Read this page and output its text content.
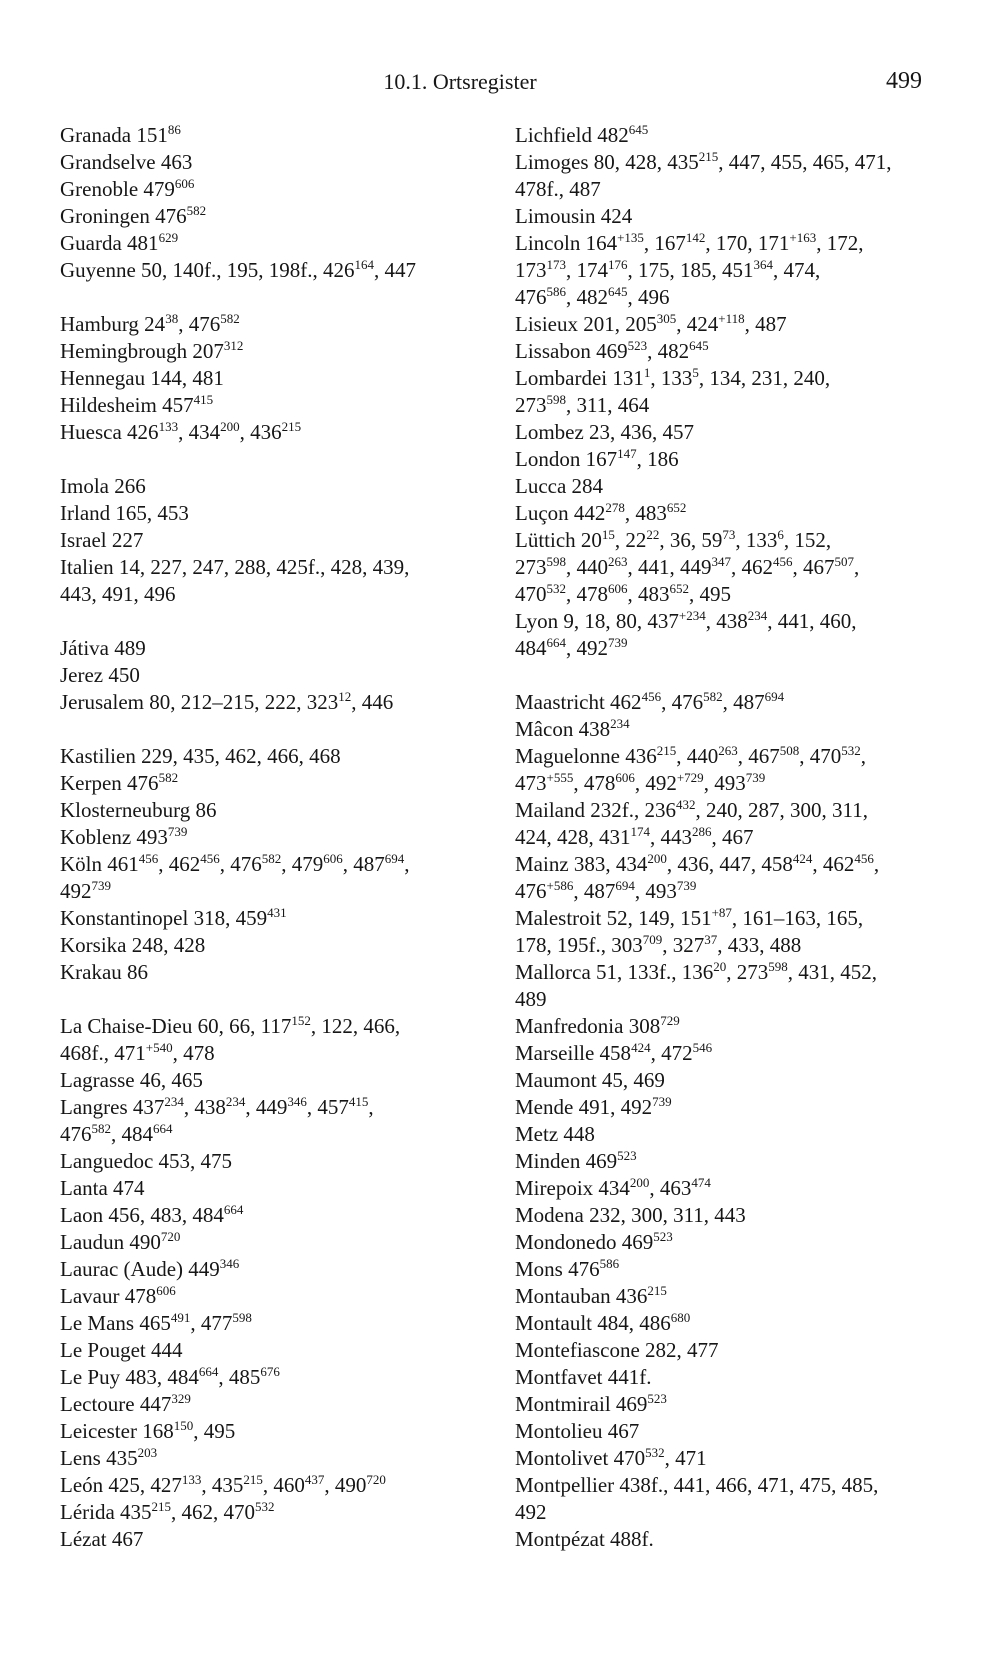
10.1. Ortsregister	499
Granada $151^{86}$
Grandselve 463
Grenoble $479^{606}$
Groningen $476^{582}$
Guarda $481^{629}$
Guyenne 50, 140f., 195, 198f., $426^{164}$, 447
Hamburg $24^{38}$, $476^{582}$
Hemingbrough $207^{312}$
Hennegau 144, 481
Hildesheim $457^{415}$
Huesca $426^{133}$, $434^{200}$, $436^{215}$
Imola 266
Irland 165, 453
Israel 227
Italien 14, 227, 247, 288, 425f., 428, 439,
443, 491, 496
Játiva 489
Jerez 450
Jerusalem 80, 212–215, 222, $323^{12}$, 446
Kastilien 229, 435, 462, 466, 468
Kerpen $476^{582}$
Klosterneuburg 86
Koblenz $493^{739}$
Köln $461^{456}$, $462^{456}$, $476^{582}$, $479^{606}$, $487^{694}$,
$492^{739}$
Konstantinopel 318, $459^{431}$
Korsika 248, 428
Krakau 86
La Chaise-Dieu 60, 66, $117^{152}$, 122, 466,
468f., $471^{+540}$, 478
Lagrasse 46, 465
Langres $437^{234}$, $438^{234}$, $449^{346}$, $457^{415}$,
$476^{582}$, $484^{664}$
Languedoc 453, 475
Lanta 474
Laon 456, 483, $484^{664}$
Laudun $490^{720}$
Laurac (Aude) $449^{346}$
Lavaur $478^{606}$
Le Mans $465^{491}$, $477^{598}$
Le Pouget 444
Le Puy 483, $484^{664}$, $485^{676}$
Lectoure $447^{329}$
Leicester $168^{150}$, 495
Lens $435^{203}$
León 425, $427^{133}$, $435^{215}$, $460^{437}$, $490^{720}$
Lérida $435^{215}$, 462, $470^{532}$
Lézat 467
Lichfield $482^{645}$
Limoges 80, 428, $435^{215}$, 447, 455, 465, 471,
478f., 487
Limousin 424
Lincoln $164^{+135}$, $167^{142}$, 170, $171^{+163}$, 172,
$173^{173}$, $174^{176}$, 175, 185, $451^{364}$, 474,
$476^{586}$, $482^{645}$, 496
Lisieux 201, $205^{305}$, $424^{+118}$, 487
Lissabon $469^{523}$, $482^{645}$
Lombardei $131^1$, $133^5$, 134, 231, 240,
$273^{598}$, 311, 464
Lombez 23, 436, 457
London $167^{147}$, 186
Lucca 284
Luçon $442^{278}$, $483^{652}$
Lüttich $20^{15}$, $22^{22}$, 36, $59^{73}$, $133^6$, 152,
$273^{598}$, $440^{263}$, 441, $449^{347}$, $462^{456}$, $467^{507}$,
$470^{532}$, $478^{606}$, $483^{652}$, 495
Lyon 9, 18, 80, $437^{+234}$, $438^{234}$, 441, 460,
$484^{664}$, $492^{739}$
Maastricht $462^{456}$, $476^{582}$, $487^{694}$
Mâcon $438^{234}$
Maguelonne $436^{215}$, $440^{263}$, $467^{508}$, $470^{532}$,
$473^{+555}$, $478^{606}$, $492^{+729}$, $493^{739}$
Mailand 232f., $236^{432}$, 240, 287, 300, 311,
424, 428, $431^{174}$, $443^{286}$, 467
Mainz 383, $434^{200}$, 436, 447, $458^{424}$, $462^{456}$,
$476^{+586}$, $487^{694}$, $493^{739}$
Malestroit 52, 149, $151^{+87}$, 161–163, 165,
178, 195f., $303^{709}$, $327^{37}$, 433, 488
Mallorca 51, 133f., $136^{20}$, $273^{598}$, 431, 452,
489
Manfredonia $308^{729}$
Marseille $458^{424}$, $472^{546}$
Maumont 45, 469
Mende 491, $492^{739}$
Metz 448
Minden $469^{523}$
Mirepoix $434^{200}$, $463^{474}$
Modena 232, 300, 311, 443
Mondonedo $469^{523}$
Mons $476^{586}$
Montauban $436^{215}$
Montault 484, $486^{680}$
Montefiascone 282, 477
Montfavet 441f.
Montmirail $469^{523}$
Montolieu 467
Montolivet $470^{532}$, 471
Montpellier 438f., 441, 466, 471, 475, 485,
492
Montpézat 488f.
